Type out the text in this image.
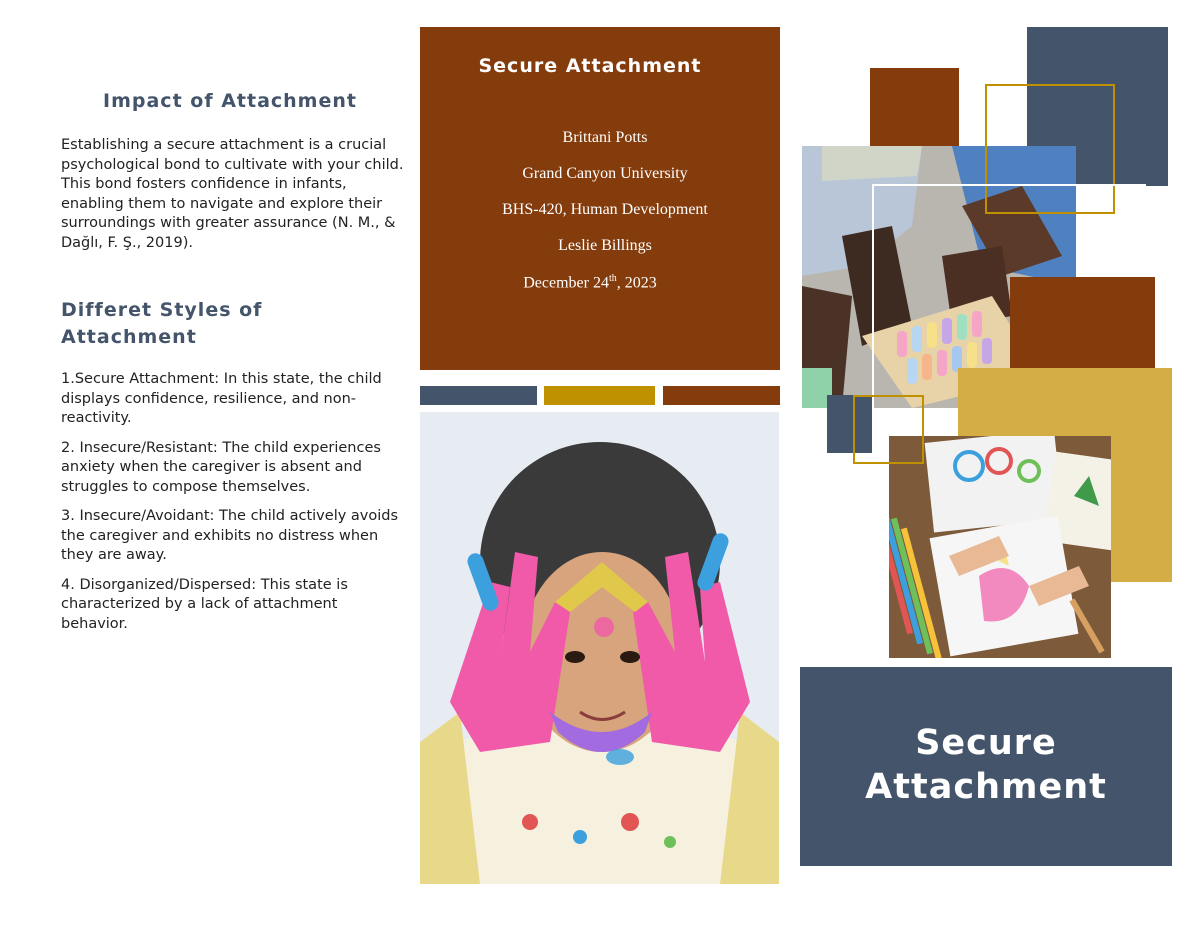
Impact of Attachment
Establishing a secure attachment is a crucial psychological bond to cultivate with your child. This bond fosters confidence in infants, enabling them to navigate and explore their surroundings with greater assurance (N. M., & Dağlı, F. Ş., 2019).
Differet Styles of Attachment

1.Secure Attachment: In this state, the child displays confidence, resilience, and non-reactivity.

2. Insecure/Resistant: The child experiences anxiety when the caregiver is absent and struggles to compose themselves.

3. Insecure/Avoidant: The child actively avoids the caregiver and exhibits no distress when they are away.

4. Disorganized/Dispersed: This state is characterized by a lack of attachment behavior.

Secure Attachment
Brittani Potts
Grand Canyon University
BHS-420, Human Development
Leslie Billings
December 24th, 2023
Secure
Attachment
